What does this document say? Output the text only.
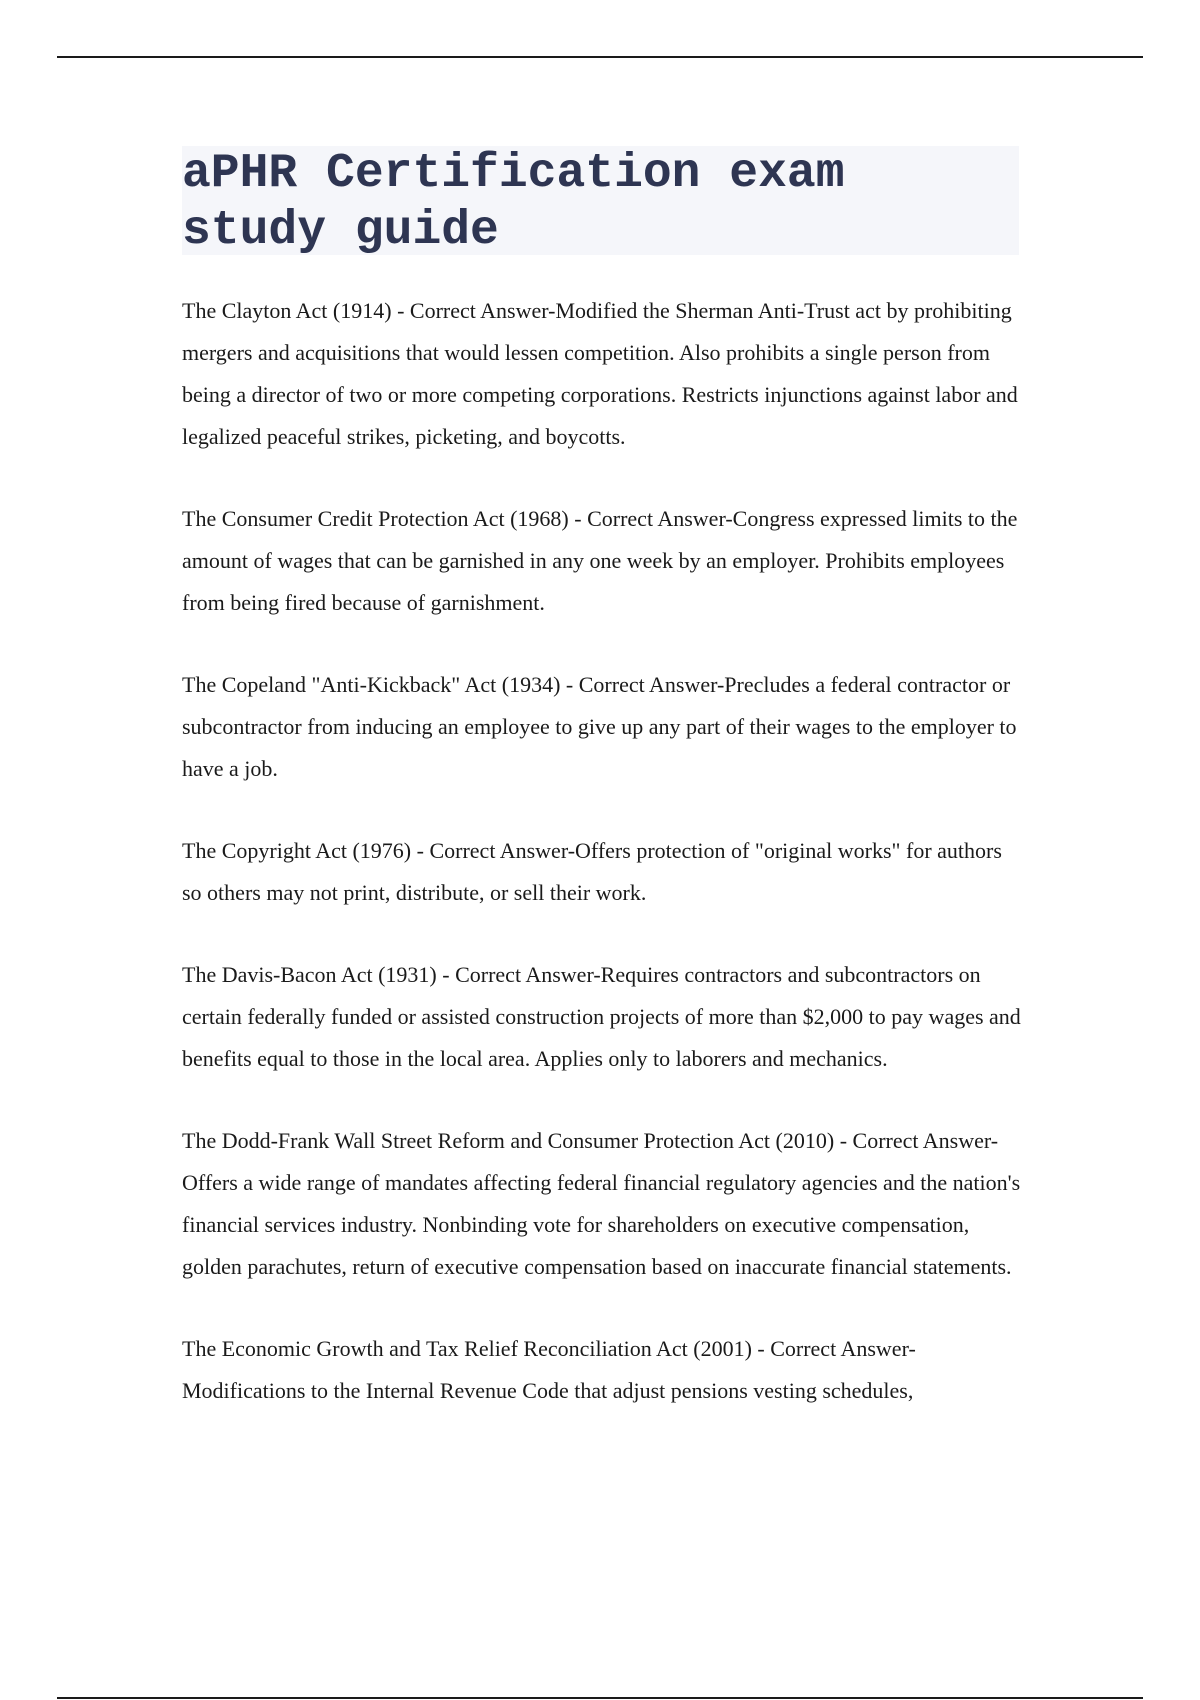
aPHR Certification exam
study guide

The Clayton Act (1914) - Correct Answer-Modified the Sherman Anti-Trust act by prohibiting mergers and acquisitions that would lessen competition. Also prohibits a single person from being a director of two or more competing corporations. Restricts injunctions against labor and legalized peaceful strikes, picketing, and boycotts.

The Consumer Credit Protection Act (1968) - Correct Answer-Congress expressed limits to the amount of wages that can be garnished in any one week by an employer. Prohibits employees from being fired because of garnishment.

The Copeland "Anti-Kickback" Act (1934) - Correct Answer-Precludes a federal contractor or subcontractor from inducing an employee to give up any part of their wages to the employer to have a job.

The Copyright Act (1976) - Correct Answer-Offers protection of "original works" for authors so others may not print, distribute, or sell their work.

The Davis-Bacon Act (1931) - Correct Answer-Requires contractors and subcontractors on certain federally funded or assisted construction projects of more than $2,000 to pay wages and benefits equal to those in the local area. Applies only to laborers and mechanics.

The Dodd-Frank Wall Street Reform and Consumer Protection Act (2010) - Correct Answer-Offers a wide range of mandates affecting federal financial regulatory agencies and the nation's financial services industry. Nonbinding vote for shareholders on executive compensation, golden parachutes, return of executive compensation based on inaccurate financial statements.

The Economic Growth and Tax Relief Reconciliation Act (2001) - Correct Answer-Modifications to the Internal Revenue Code that adjust pensions vesting schedules,
